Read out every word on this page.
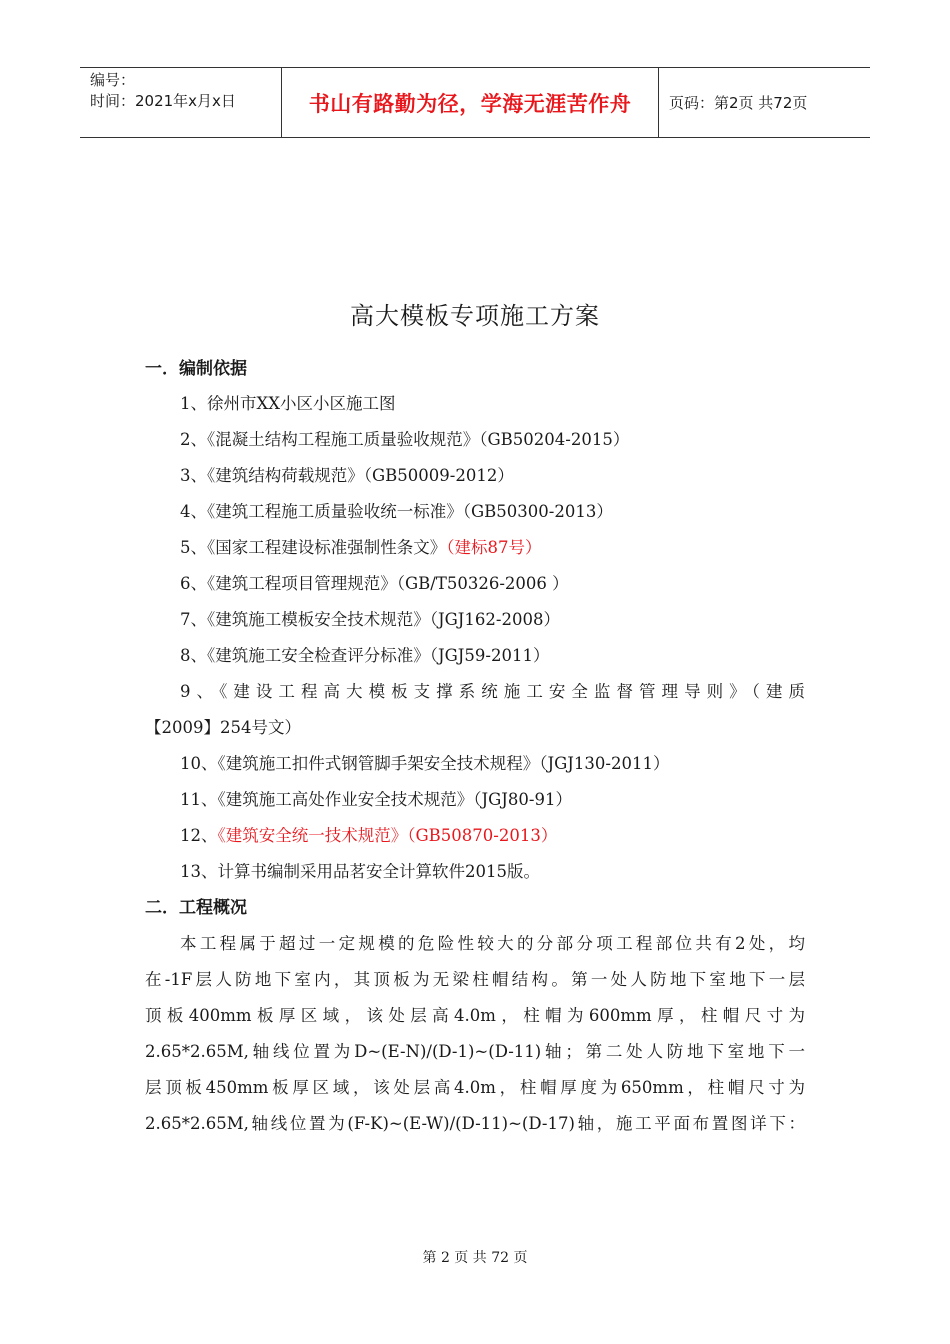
编号：
时间：2021年x月x日	书山有路勤为径，学海无涯苦作舟	页码：第2页 共72页
高大模板专项施工方案
一．编制依据
1、徐州市XX小区小区施工图
2、《混凝土结构工程施工质量验收规范》（GB50204-2015）
3、《建筑结构荷载规范》（GB50009-2012）
4、《建筑工程施工质量验收统一标准》（GB50300-2013）
5、《国家工程建设标准强制性条文》（建标87号）
6、《建筑工程项目管理规范》（GB/T50326-2006 ）
7、《建筑施工模板安全技术规范》（JGJ162-2008）
8、《建筑施工安全检查评分标准》（JGJ59-2011）
9、《建设工程高大模板支撑系统施工安全监督管理导则》（建质
【2009】254号文）
10、《建筑施工扣件式钢管脚手架安全技术规程》（JGJ130-2011）
11、《建筑施工高处作业安全技术规范》（JGJ80-91）
12、《建筑安全统一技术规范》（GB50870-2013）
13、计算书编制采用品茗安全计算软件2015版。
二．工程概况
本工程属于超过一定规模的危险性较大的分部分项工程部位共有2处，均
在-1F层人防地下室内，其顶板为无梁柱帽结构。第一处人防地下室地下一层
顶板400mm板厚区域，该处层高4.0m，柱帽为600mm厚，柱帽尺寸为
2.65*2.65M,轴线位置为D~(E-N)/(D-1)~(D-11)轴；第二处人防地下室地下一
层顶板450mm板厚区域，该处层高4.0m，柱帽厚度为650mm，柱帽尺寸为
2.65*2.65M,轴线位置为(F-K)~(E-W)/(D-11)~(D-17)轴，施工平面布置图详下：
第 2 页 共 72 页
